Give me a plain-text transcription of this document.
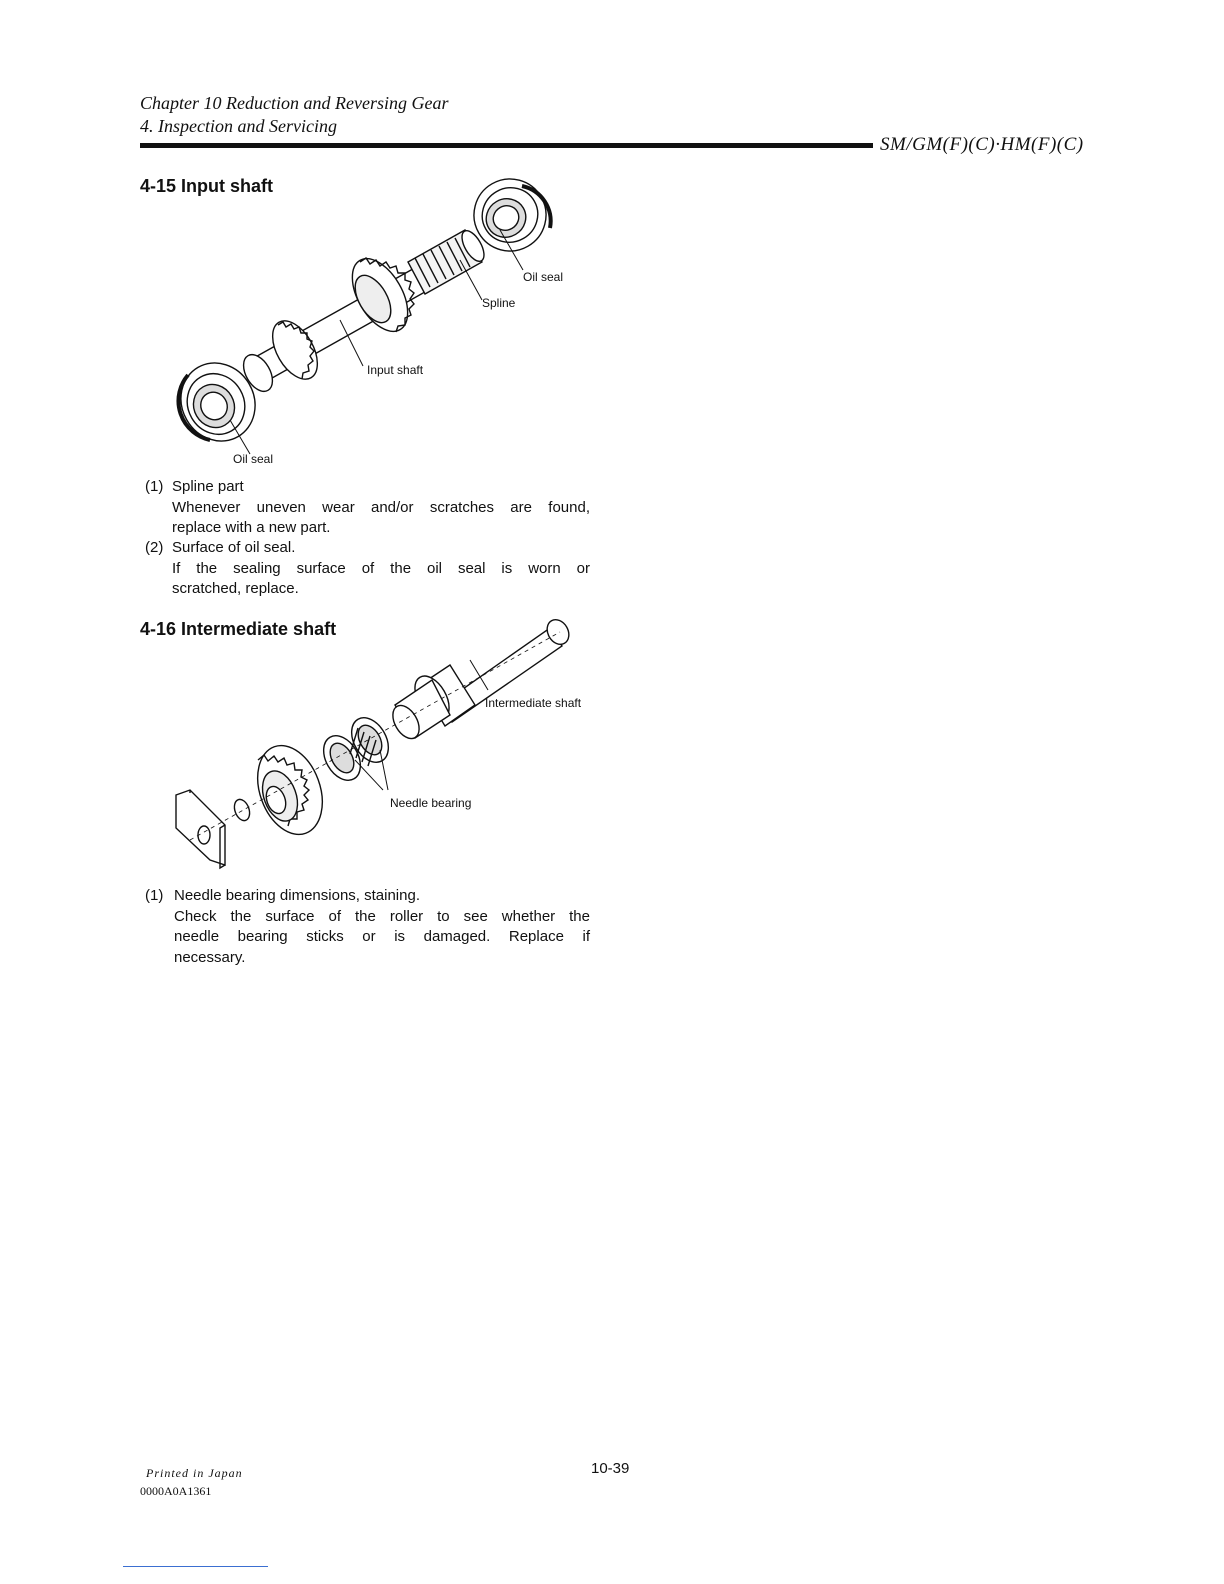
Chapter 10 Reduction and Reversing Gear
4. Inspection and Servicing
SM/GM(F)(C)·HM(F)(C)
4-15 Input shaft
Oil seal
Spline
Input shaft
Oil seal
(1) Spline part
Whenever uneven wear and/or scratches are found,
replace with a new part.
(2) Surface of oil seal.
If the sealing surface of the oil seal is worn or
scratched, replace.
4-16 Intermediate shaft
Intermediate shaft
Needle bearing
(1) Needle bearing dimensions, staining.
Check the surface of the roller to see whether the
needle bearing sticks or is damaged. Replace if
necessary.
Printed in Japan
0000A0A1361
10-39
